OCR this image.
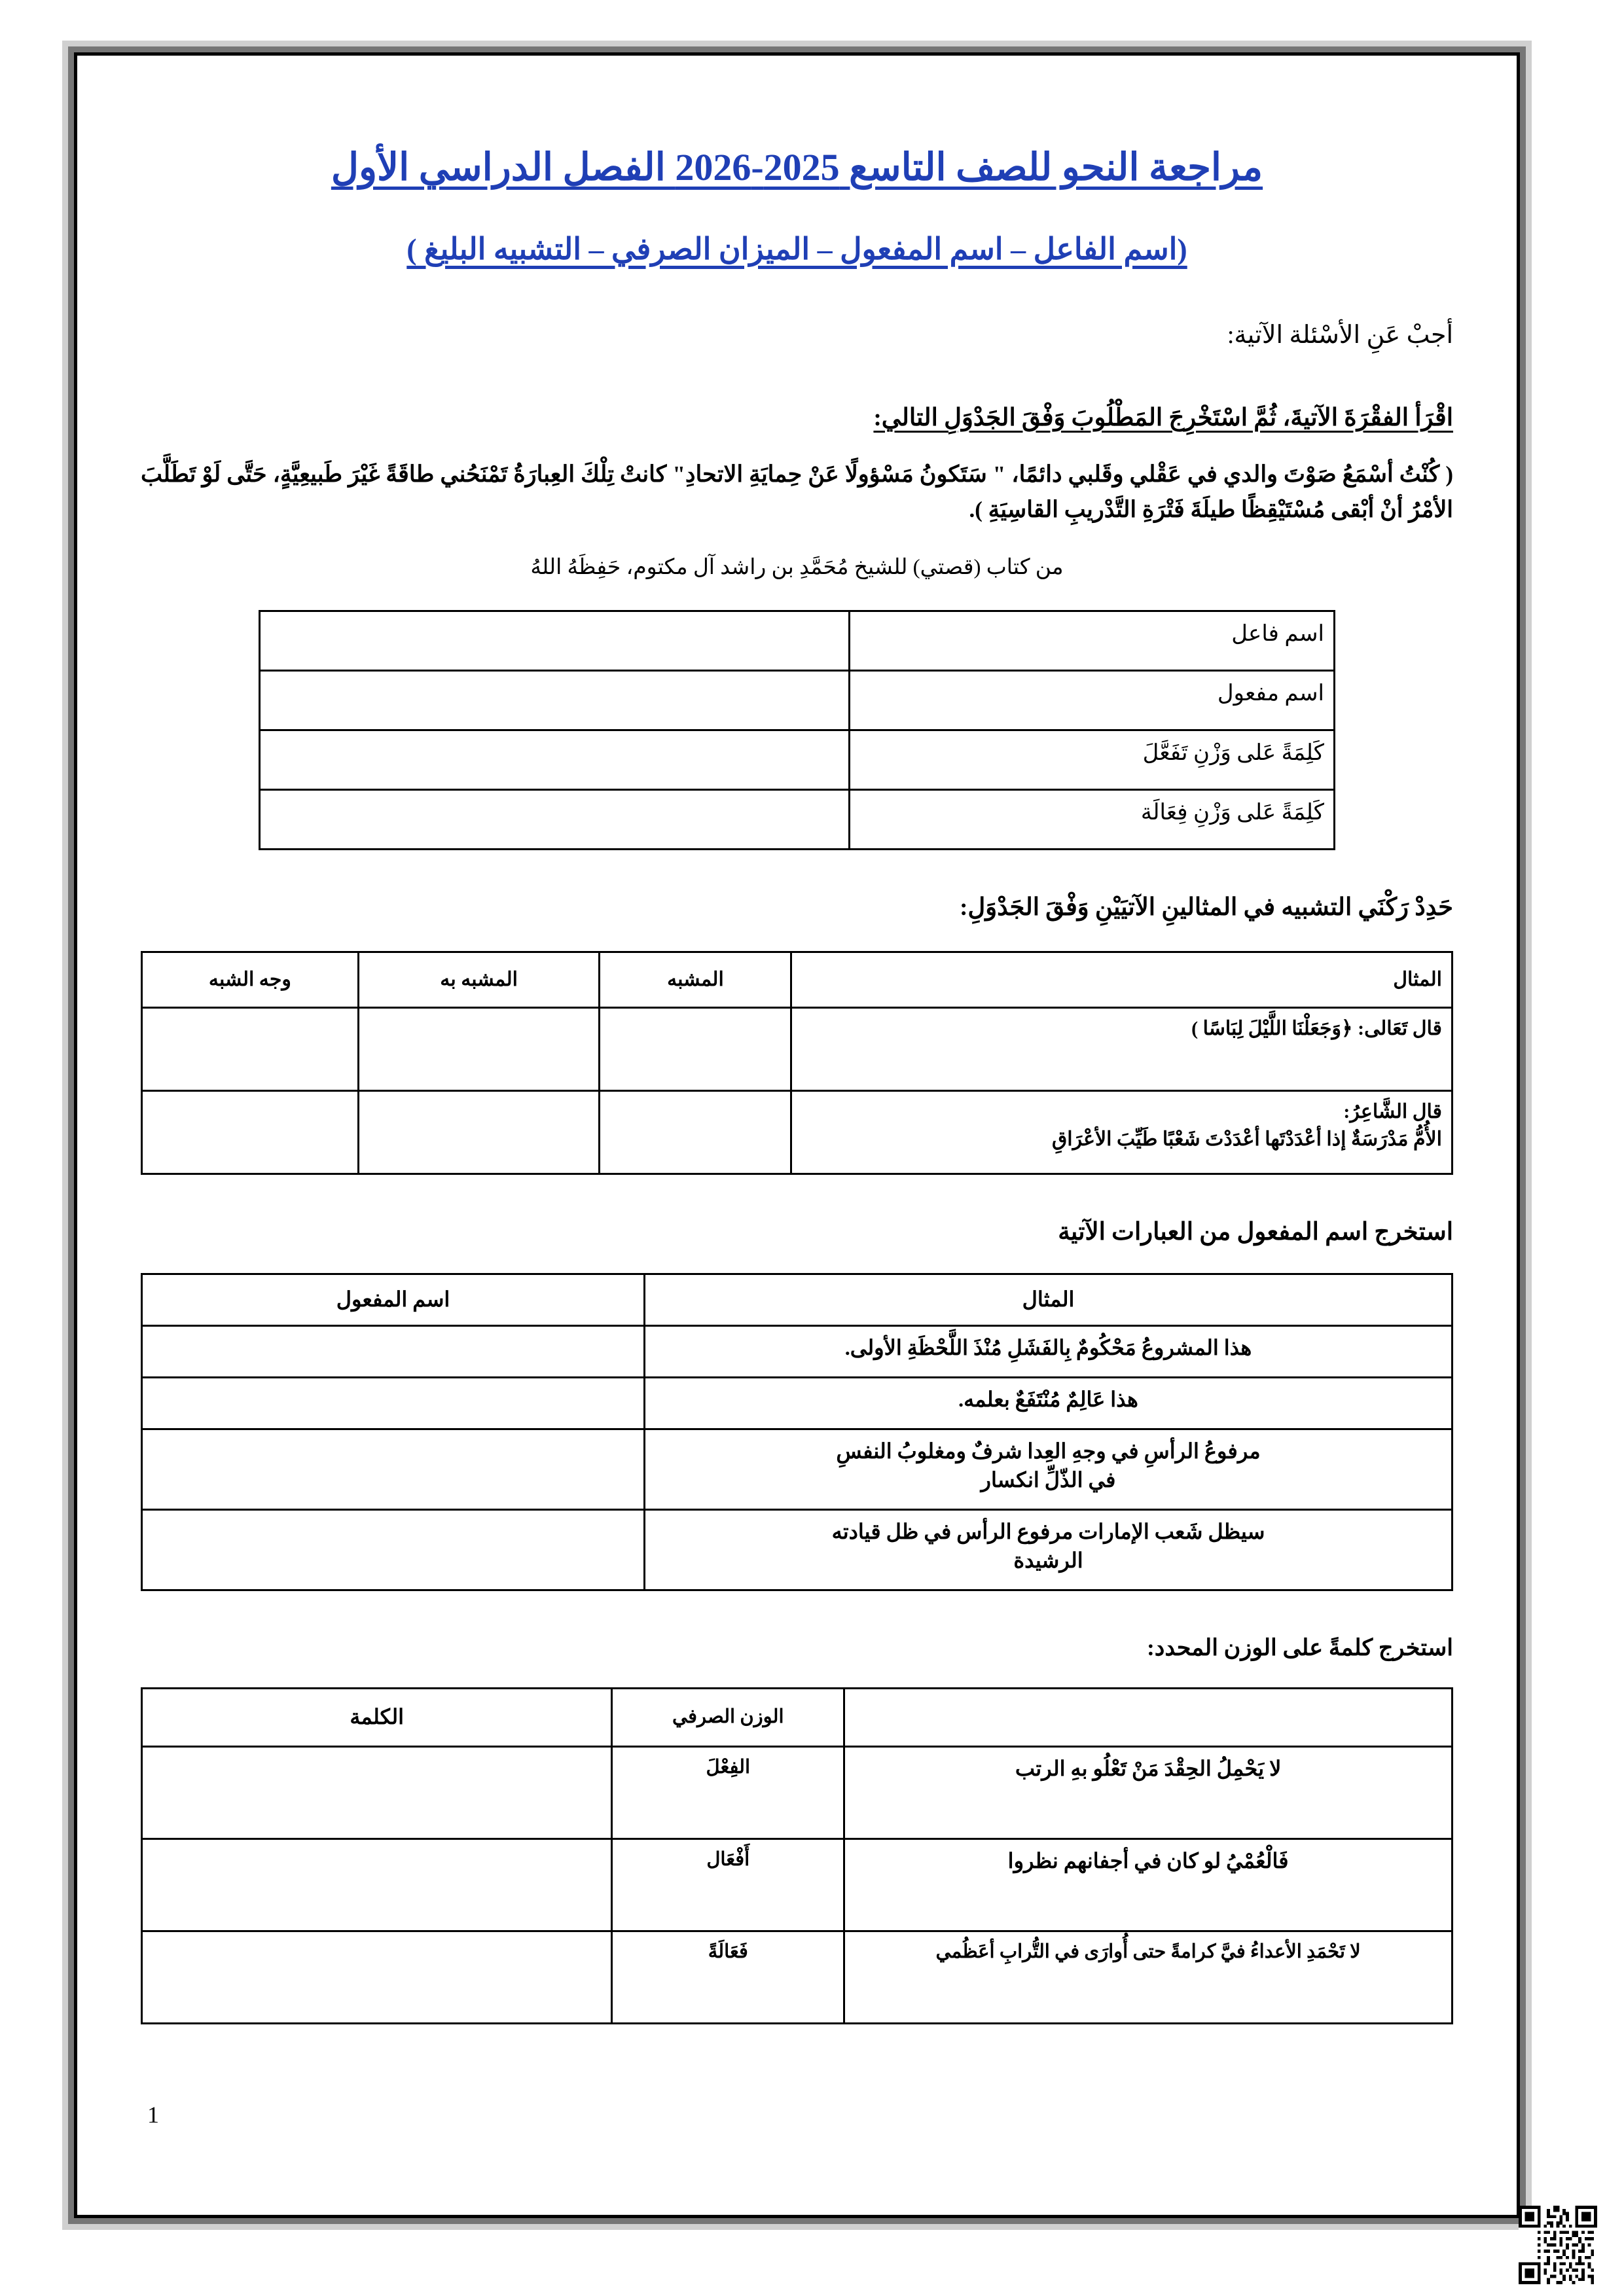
مراجعة النحو للصف التاسع 2025-2026 الفصل الدراسي الأول
(اسم الفاعل – اسم المفعول – الميزان الصرفي – التشبيه البليغ )
أجبْ عَنِ الأسْئلة الآتية:
اقْرَأ الفقْرَةَ الآتيةَ، ثُمَّ اسْتَخْرِجَ المَطْلُوبَ وَفْقَ الجَدْوَلِ التالي:
( كُنْتُ أسْمَعُ صَوْتَ والدي في عَقْلي وقَلبي دائمًا، " سَتَكونُ مَسْؤولًا عَنْ حِمايَةِ الاتحادِ" كانتْ تِلْكَ العِبارَةُ تَمْنَحُني طاقَةً غَيْرَ طَبيعِيَّةٍ، حَتَّى لَوْ تَطَلَّبَ الأمْرُ أنْ أبْقى مُسْتَيْقِظًا طيلَةَ فَتْرَةِ التَّدْريبِ القاسِيَةِ ).
من كتاب (قصتي) للشيخ مُحَمَّدِ بن راشد آل مكتوم، حَفِظَهُ اللهُ
اسم فاعل	
اسم مفعول	
كَلِمَةً عَلى وَزْنِ تَفَعَّلَ	
كَلِمَةً عَلى وَزْنِ فِعَالَة	
حَدِدْ رَكْنَي التشبيه في المثالينِ الآتيَيْنِ وَفْقَ الجَدْوَلِ:
المثال	المشبه	المشبه به	وجه الشبه
قال تَعَالى: ﴿وَجَعَلْنَا اللَّيْلَ لِبَاسًا )			

قال الشَّاعِرُ:
الأُمُّ مَدْرَسَةٌ إذا أعْدَدْتَها أعْدَدْتَ شَعْبًا طَيِّبَ الأعْرَاقِ			

استخرج اسم المفعول من العبارات الآتية
المثال	اسم المفعول
هذا المشروعُ مَحْكُومٌ بِالفَشَلِ مُنْذَ اللَّحْظَةِ الأولى.	
هذا عَالِمٌ مُنْتَفَعٌ بعلمه.	

مرفوعُ الرأسِ في وجهِ العِدا شرفٌ ومغلوبُ النفسِ
في الذّلِّ انكسار	

سيظل شَعب الإمارات مرفوع الرأس في ظل قيادته
الرشيدة	

استخرج كلمةً على الوزن المحدد:
	الوزن الصرفي	الكلمة
لا يَحْمِلُ الحِقْدَ مَنْ تَعْلُو بهِ الرتب	الفِعْلَ	
فَالْعُمْيُ لو كان في أجفانهم نظروا	أَفْعَال	
لا تَحْمَدِ الأعداءُ فيَّ كرامةً حتى أُوارَى في التُّرابِ أعَظُمي	فَعَالَةً	
1
